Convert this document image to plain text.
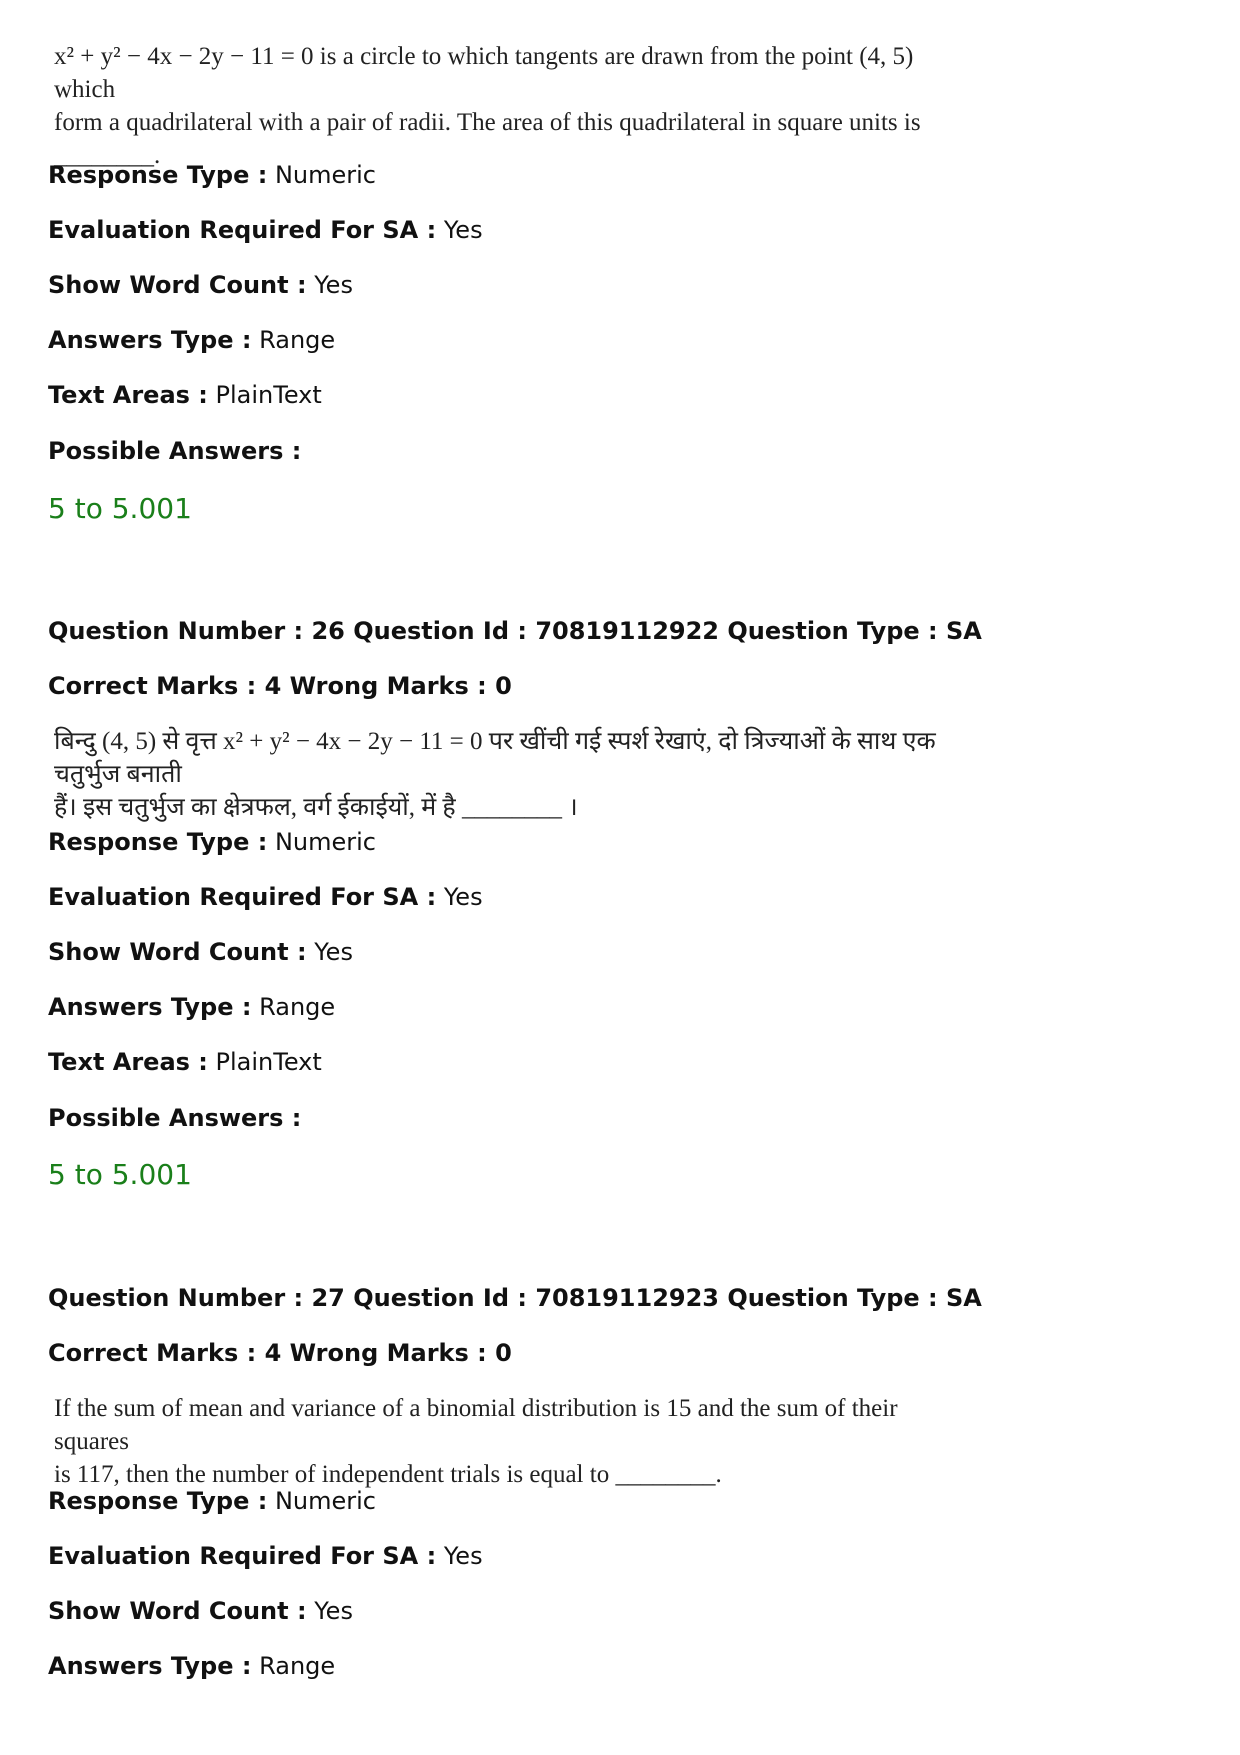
x² + y² − 4x − 2y − 11 = 0 is a circle to which tangents are drawn from the point (4, 5) which
form a quadrilateral with a pair of radii. The area of this quadrilateral in square units is
________.
Response Type : Numeric
Evaluation Required For SA : Yes
Show Word Count : Yes
Answers Type : Range
Text Areas : PlainText
Possible Answers :
5 to 5.001
Question Number : 26 Question Id : 70819112922 Question Type : SA
Correct Marks : 4 Wrong Marks : 0
बिन्दु (4, 5) से वृत्त x² + y² − 4x − 2y − 11 = 0 पर खींची गई स्पर्श रेखाएं, दो त्रिज्याओं के साथ एक चतुर्भुज बनाती
हैं। इस चतुर्भुज का क्षेत्रफल, वर्ग ईकाईयों, में है ________ ।
Response Type : Numeric
Evaluation Required For SA : Yes
Show Word Count : Yes
Answers Type : Range
Text Areas : PlainText
Possible Answers :
5 to 5.001
Question Number : 27 Question Id : 70819112923 Question Type : SA
Correct Marks : 4 Wrong Marks : 0
If the sum of mean and variance of a binomial distribution is 15 and the sum of their squares
is 117, then the number of independent trials is equal to ________.
Response Type : Numeric
Evaluation Required For SA : Yes
Show Word Count : Yes
Answers Type : Range
